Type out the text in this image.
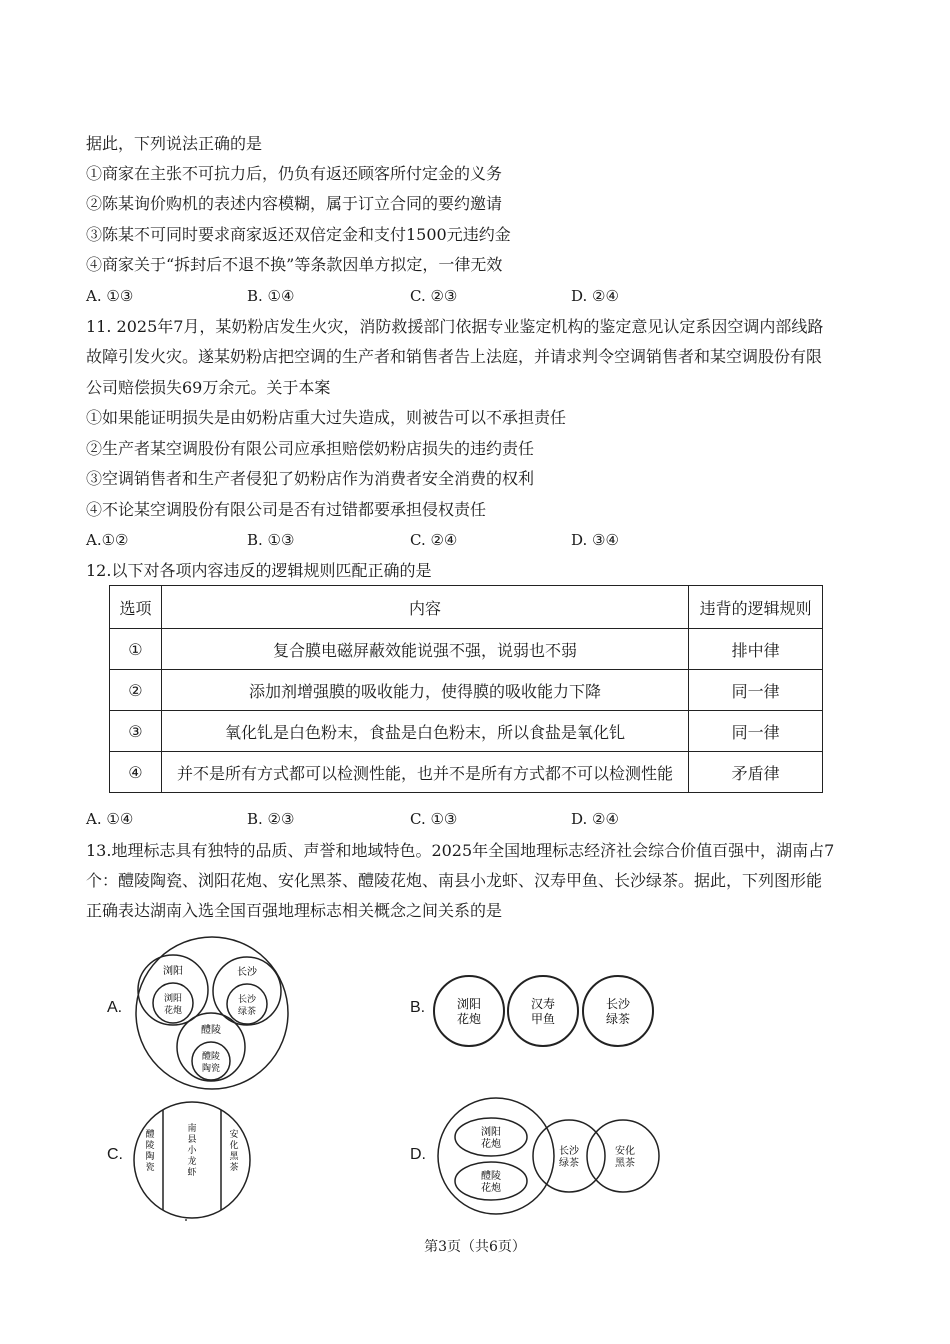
据此，下列说法正确的是
①商家在主张不可抗力后，仍负有返还顾客所付定金的义务
②陈某询价购机的表述内容模糊，属于订立合同的要约邀请
③陈某不可同时要求商家返还双倍定金和支付1500元违约金
④商家关于“拆封后不退不换”等条款因单方拟定，一律无效
A. ①③	B. ①④	C. ②③	D. ②④
11. 2025年7月，某奶粉店发生火灾，消防救援部门依据专业鉴定机构的鉴定意见认定系因空调内部线路
故障引发火灾。遂某奶粉店把空调的生产者和销售者告上法庭，并请求判令空调销售者和某空调股份有限
公司赔偿损失69万余元。关于本案
①如果能证明损失是由奶粉店重大过失造成，则被告可以不承担责任
②生产者某空调股份有限公司应承担赔偿奶粉店损失的违约责任
③空调销售者和生产者侵犯了奶粉店作为消费者安全消费的权利
④不论某空调股份有限公司是否有过错都要承担侵权责任
A.①②	B. ①③	C. ②④	D. ③④
12.以下对各项内容违反的逻辑规则匹配正确的是
选项	内容	违背的逻辑规则
①	复合膜电磁屏蔽效能说强不强，说弱也不弱	排中律
②	添加剂增强膜的吸收能力，使得膜的吸收能力下降	同一律
③	氧化钆是白色粉末，食盐是白色粉末，所以食盐是氧化钆	同一律
④	并不是所有方式都可以检测性能，也并不是所有方式都不可以检测性能	矛盾律
A. ①④	B. ②③	C. ①③	D. ②④
13.地理标志具有独特的品质、声誉和地域特色。2025年全国地理标志经济社会综合价值百强中，湖南占7
个：醴陵陶瓷、浏阳花炮、安化黑茶、醴陵花炮、南县小龙虾、汉寿甲鱼、长沙绿茶。据此，下列图形能
正确表达湖南入选全国百强地理标志相关概念之间关系的是
A.
浏阳
浏阳
花炮
长沙
长沙
绿茶
醴陵
醴陵
陶瓷
B.	浏阳
花炮
汉寿
甲鱼
长沙
绿茶
C.
醴
陵
陶
瓷
南
县
小
龙
虾
安
化
黑
茶
D.
浏阳
花炮
醴陵
花炮
长沙
绿茶
安化
黑茶
第3页（共6页）
